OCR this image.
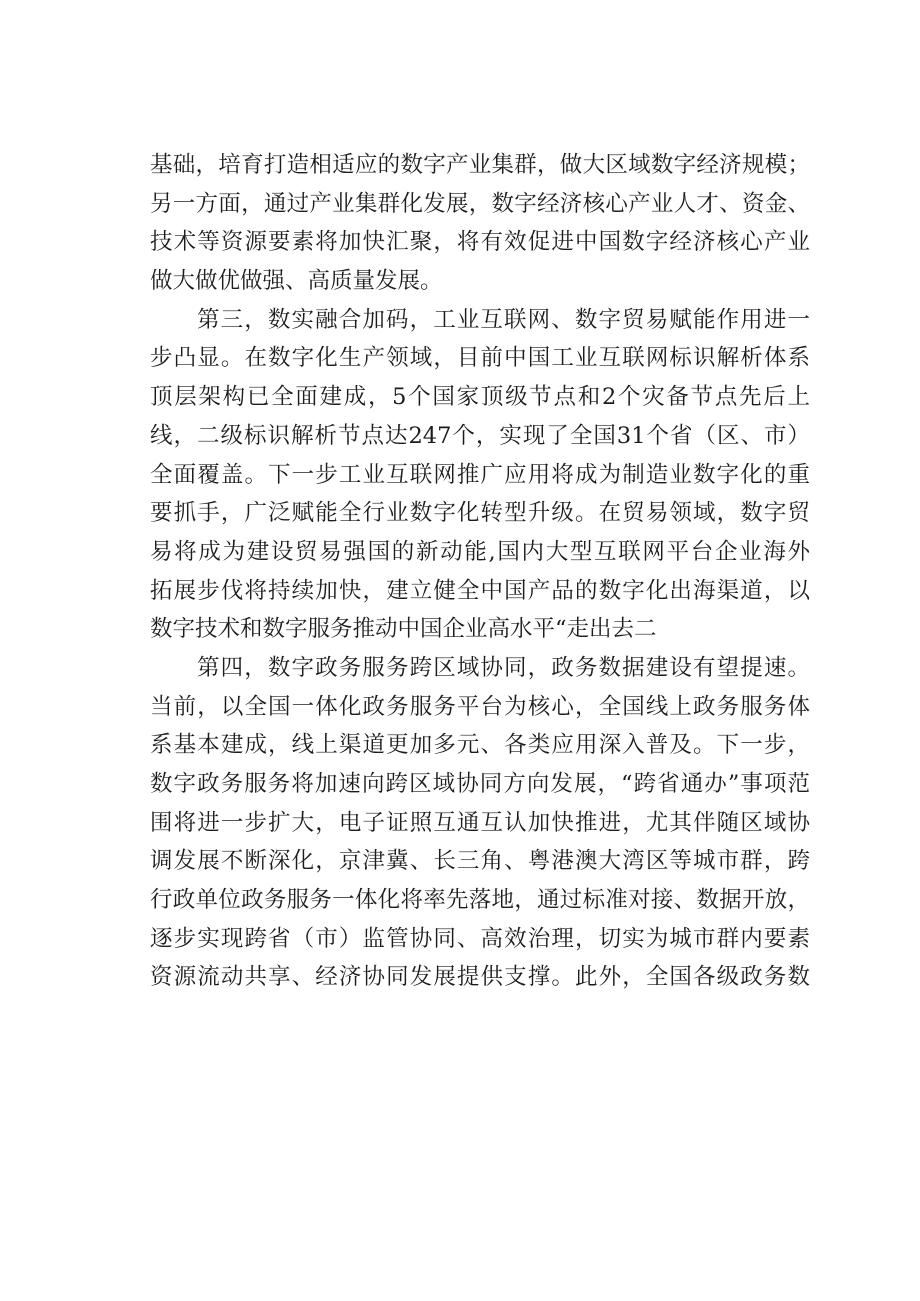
基础，培育打造相适应的数字产业集群，做大区域数字经济规模；
另一方面，通过产业集群化发展，数字经济核心产业人才、资金、
技术等资源要素将加快汇聚，将有效促进中国数字经济核心产业
做大做优做强、高质量发展。
第三，数实融合加码，工业互联网、数字贸易赋能作用进一
步凸显。在数字化生产领域，目前中国工业互联网标识解析体系
顶层架构已全面建成，5个国家顶级节点和2个灾备节点先后上
线，二级标识解析节点达247个，实现了全国31个省（区、市）
全面覆盖。下一步工业互联网推广应用将成为制造业数字化的重
要抓手，广泛赋能全行业数字化转型升级。在贸易领域，数字贸
易将成为建设贸易强国的新动能,国内大型互联网平台企业海外
拓展步伐将持续加快，建立健全中国产品的数字化出海渠道，以
数字技术和数字服务推动中国企业高水平“走出去二
第四，数字政务服务跨区域协同，政务数据建设有望提速。
当前，以全国一体化政务服务平台为核心，全国线上政务服务体
系基本建成，线上渠道更加多元、各类应用深入普及。下一步，
数字政务服务将加速向跨区域协同方向发展，“跨省通办”事项范
围将进一步扩大，电子证照互通互认加快推进，尤其伴随区域协
调发展不断深化，京津冀、长三角、粤港澳大湾区等城市群，跨
行政单位政务服务一体化将率先落地，通过标准对接、数据开放，
逐步实现跨省（市）监管协同、高效治理，切实为城市群内要素
资源流动共享、经济协同发展提供支撑。此外，全国各级政务数
